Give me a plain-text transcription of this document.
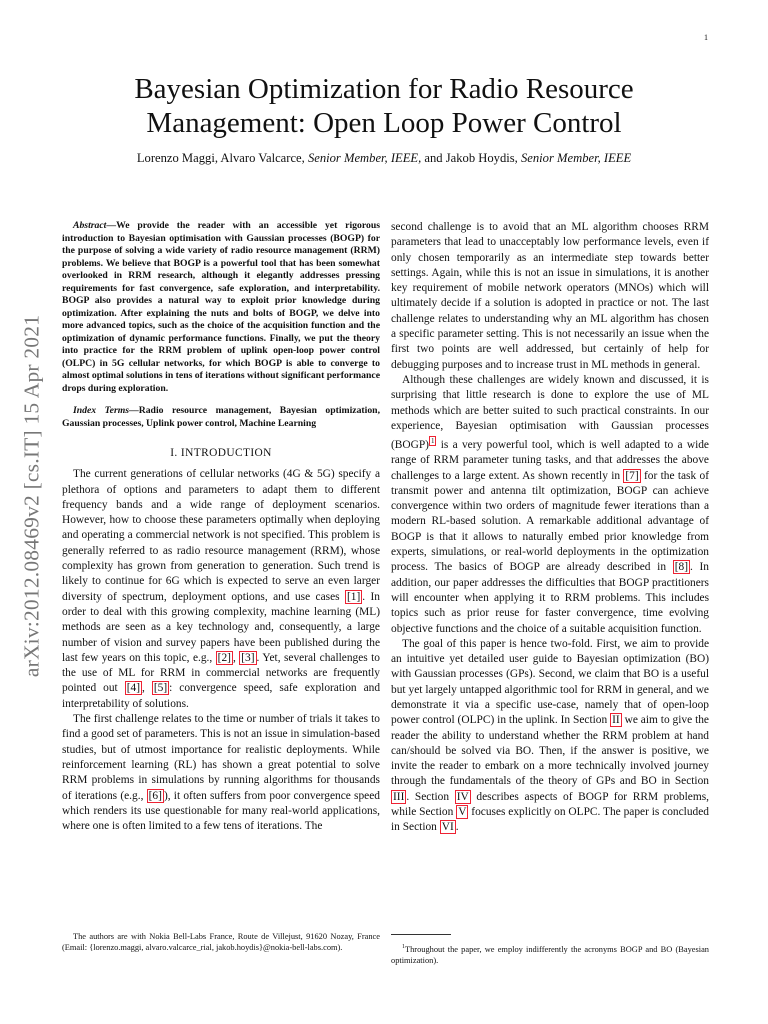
1
arXiv:2012.08469v2 [cs.IT] 15 Apr 2021
Bayesian Optimization for Radio Resource Management: Open Loop Power Control
Lorenzo Maggi, Alvaro Valcarce, Senior Member, IEEE, and Jakob Hoydis, Senior Member, IEEE

Abstract—We provide the reader with an accessible yet rigorous introduction to Bayesian optimisation with Gaussian processes (BOGP) for the purpose of solving a wide variety of radio resource management (RRM) problems. We believe that BOGP is a powerful tool that has been somewhat overlooked in RRM research, although it elegantly addresses pressing requirements for fast convergence, safe exploration, and interpretability. BOGP also provides a natural way to exploit prior knowledge during optimization. After explaining the nuts and bolts of BOGP, we delve into more advanced topics, such as the choice of the acquisition function and the optimization of dynamic performance functions. Finally, we put the theory into practice for the RRM problem of uplink open-loop power control (OLPC) in 5G cellular networks, for which BOGP is able to converge to almost optimal solutions in tens of iterations without significant performance drops during exploration.

Index Terms—Radio resource management, Bayesian optimization, Gaussian processes, Uplink power control, Machine Learning

I. INTRODUCTION

The current generations of cellular networks (4G & 5G) specify a plethora of options and parameters to adapt them to different frequency bands and a wide range of deployment scenarios. However, how to choose these parameters optimally when deploying and operating a commercial network is not specified. This problem is generally referred to as radio resource management (RRM), whose complexity has grown from generation to generation. Such trend is likely to continue for 6G which is expected to serve an even larger diversity of spectrum, deployment options, and use cases [1] . In order to deal with this growing complexity, machine learning (ML) methods are seen as a key technology and, consequently, a large number of vision and survey papers have been published during the last few years on this topic, e.g., [2] , [3] . Yet, several challenges to the use of ML for RRM in commercial networks are frequently pointed out [4] , [5] : convergence speed, safe exploration and interpretability of solutions.

The first challenge relates to the time or number of trials it takes to find a good set of parameters. This is not an issue in simulation-based studies, but of utmost importance for realistic deployments. While reinforcement learning (RL) has shown a great potential to solve RRM problems in simulations by running algorithms for thousands of iterations (e.g., [6] ), it often suffers from poor convergence speed which renders its use questionable for many real-world applications, where one is often limited to a few tens of iterations. The

second challenge is to avoid that an ML algorithm chooses RRM parameters that lead to unacceptably low performance levels, even if only chosen temporarily as an intermediate step towards better settings. Again, while this is not an issue in simulations, it is another key requirement of mobile network operators (MNOs) which will ultimately decide if a solution is adopted in practice or not. The last challenge relates to understanding why an ML algorithm has chosen a specific parameter setting. This is not necessarily an issue when the first two points are well addressed, but certainly of help for debugging purposes and to increase trust in ML methods in general.

Although these challenges are widely known and discussed, it is surprising that little research is done to explore the use of ML methods which are better suited to such practical constraints. In our experience, Bayesian optimisation with Gaussian processes (BOGP) $^1$ is a very powerful tool, which is well adapted to a wide range of RRM parameter tuning tasks, and that addresses the above challenges to a large extent. As shown recently in [7] for the task of transmit power and antenna tilt optimization, BOGP can achieve convergence within two orders of magnitude fewer iterations than a modern RL-based solution. A remarkable additional advantage of BOGP is that it allows to naturally embed prior knowledge from experts, simulations, or real-world deployments in the optimization process. The basics of BOGP are already described in [8] . In addition, our paper addresses the difficulties that BOGP practitioners will encounter when applying it to RRM problems. This includes topics such as prior reuse for faster convergence, time evolving objective functions and the choice of a suitable acquisition function.

The goal of this paper is hence two-fold. First, we aim to provide an intuitive yet detailed user guide to Bayesian optimization (BO) with Gaussian processes (GPs). Second, we claim that BO is a useful but yet largely untapped algorithmic tool for RRM in general, and we demonstrate it via a specific use-case, namely that of open-loop power control (OLPC) in the uplink. In Section II we aim to give the reader the ability to understand whether the RRM problem at hand can/should be solved via BO. Then, if the answer is positive, we invite the reader to embark on a more technically involved journey through the fundamentals of the theory of GPs and BO in Section III . Section IV describes aspects of BOGP for RRM problems, while Section V focuses explicitly on OLPC. The paper is concluded in Section VI .

The authors are with Nokia Bell-Labs France, Route de Villejust, 91620 Nozay, France (Email: {lorenzo.maggi, alvaro.valcarce_rial, jakob.hoydis}@nokia-bell-labs.com).	$^1$Throughout the paper, we employ indifferently the acronyms BOGP and BO (Bayesian optimization).
